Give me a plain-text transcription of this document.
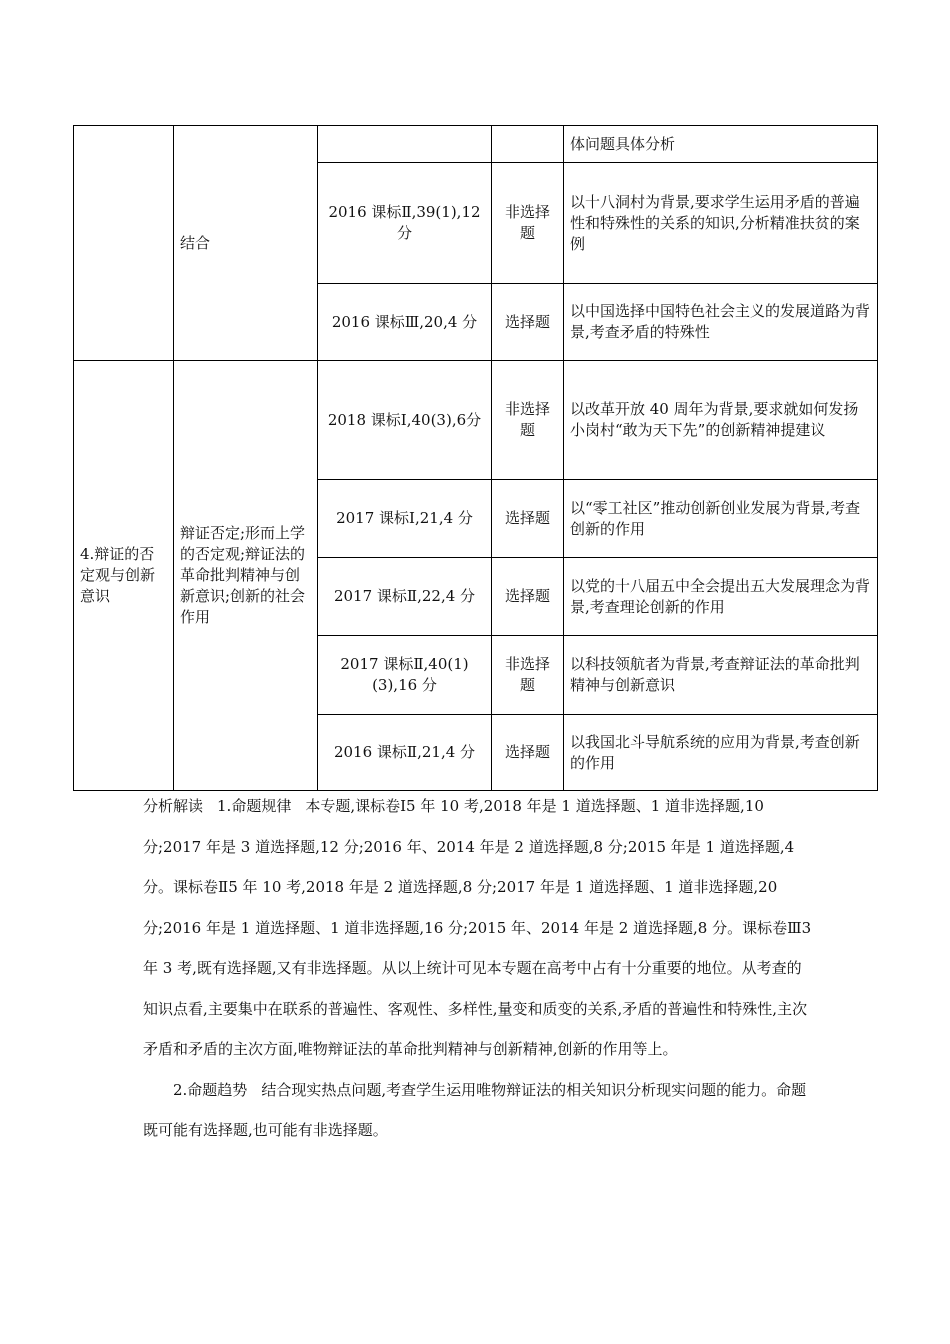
	结合			体问题具体分析
		2016 课标Ⅱ,39(1),12分	非选择题	以十八洞村为背景,要求学生运用矛盾的普遍性和特殊性的关系的知识,分析精准扶贫的案例
		2016 课标Ⅲ,20,4 分	选择题	以中国选择中国特色社会主义的发展道路为背景,考查矛盾的特殊性
4.辩证的否定观与创新意识	辩证否定;形而上学的否定观;辩证法的革命批判精神与创新意识;创新的社会作用	2018 课标Ⅰ,40(3),6分	非选择题	以改革开放 40 周年为背景,要求就如何发扬小岗村“敢为天下先”的创新精神提建议
		2017 课标Ⅰ,21,4 分	选择题	以“零工社区”推动创新创业发展为背景,考查创新的作用
		2017 课标Ⅱ,22,4 分	选择题	以党的十八届五中全会提出五大发展理念为背景,考查理论创新的作用
		2017 课标Ⅱ,40(1)(3),16 分	非选择题	以科技领航者为背景,考查辩证法的革命批判精神与创新意识
		2016 课标Ⅱ,21,4 分	选择题	以我国北斗导航系统的应用为背景,考查创新的作用

分析解读 1.命题规律 本专题,课标卷Ⅰ5 年 10 考,2018 年是 1 道选择题、1 道非选择题,10 分;2017 年是 3 道选择题,12 分;2016 年、2014 年是 2 道选择题,8 分;2015 年是 1 道选择题,4 分。课标卷Ⅱ5 年 10 考,2018 年是 2 道选择题,8 分;2017 年是 1 道选择题、1 道非选择题,20 分;2016 年是 1 道选择题、1 道非选择题,16 分;2015 年、2014 年是 2 道选择题,8 分。课标卷Ⅲ3 年 3 考,既有选择题,又有非选择题。从以上统计可见本专题在高考中占有十分重要的地位。从考查的知识点看,主要集中在联系的普遍性、客观性、多样性,量变和质变的关系,矛盾的普遍性和特殊性,主次矛盾和矛盾的主次方面,唯物辩证法的革命批判精神与创新精神,创新的作用等上。

2.命题趋势 结合现实热点问题,考查学生运用唯物辩证法的相关知识分析现实问题的能力。命题既可能有选择题,也可能有非选择题。
